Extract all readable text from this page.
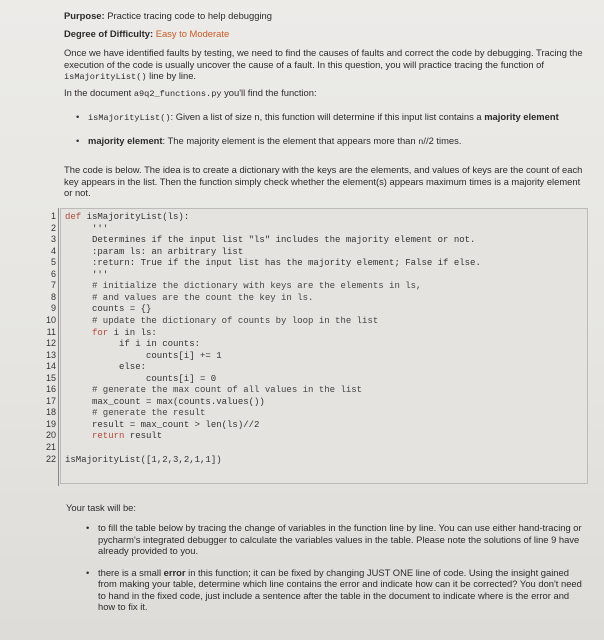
Purpose: Practice tracing code to help debugging
Degree of Difficulty: Easy to Moderate
Once we have identified faults by testing, we need to find the causes of faults and correct the code by debugging. Tracing the execution of the code is usually uncover the cause of a fault. In this question, you will practice tracing the function of isMajorityList() line by line.
In the document a9q2_functions.py you'll find the function:
• isMajorityList(): Given a list of size n, this function will determine if this input list contains a majority element
• majority element: The majority element is the element that appears more than n//2 times.
The code is below. The idea is to create a dictionary with the keys are the elements, and values of keys are the count of each key appears in the list. Then the function simply check whether the element(s) appears maximum times is a majority element or not.
1
2
3
4
5
6
7
8
9
10
11
12
13
14
15
16
17
18
19
20
21
22
def isMajorityList(ls):
'''
Determines if the input list "ls" includes the majority element or not.
:param ls: an arbitrary list
:return: True if the input list has the majority element; False if else.
'''
# initialize the dictionary with keys are the elements in ls,
# and values are the count the key in ls.
counts = {}
# update the dictionary of counts by loop in the list
for i in ls:
if i in counts:
counts[i] += 1
else:
counts[i] = 0
# generate the max count of all values in the list
max_count = max(counts.values())
# generate the result
result = max_count > len(ls)//2
return result
isMajorityList([1,2,3,2,1,1])
Your task will be:
• to fill the table below by tracing the change of variables in the function line by line. You can use either hand-tracing or pycharm's integrated debugger to calculate the variables values in the table. Please note the solutions of line 9 have already provided to you.
• there is a small error in this function; it can be fixed by changing JUST ONE line of code. Using the insight gained from making your table, determine which line contains the error and indicate how can it be corrected? You don't need to hand in the fixed code, just include a sentence after the table in the document to indicate where is the error and how to fix it.
